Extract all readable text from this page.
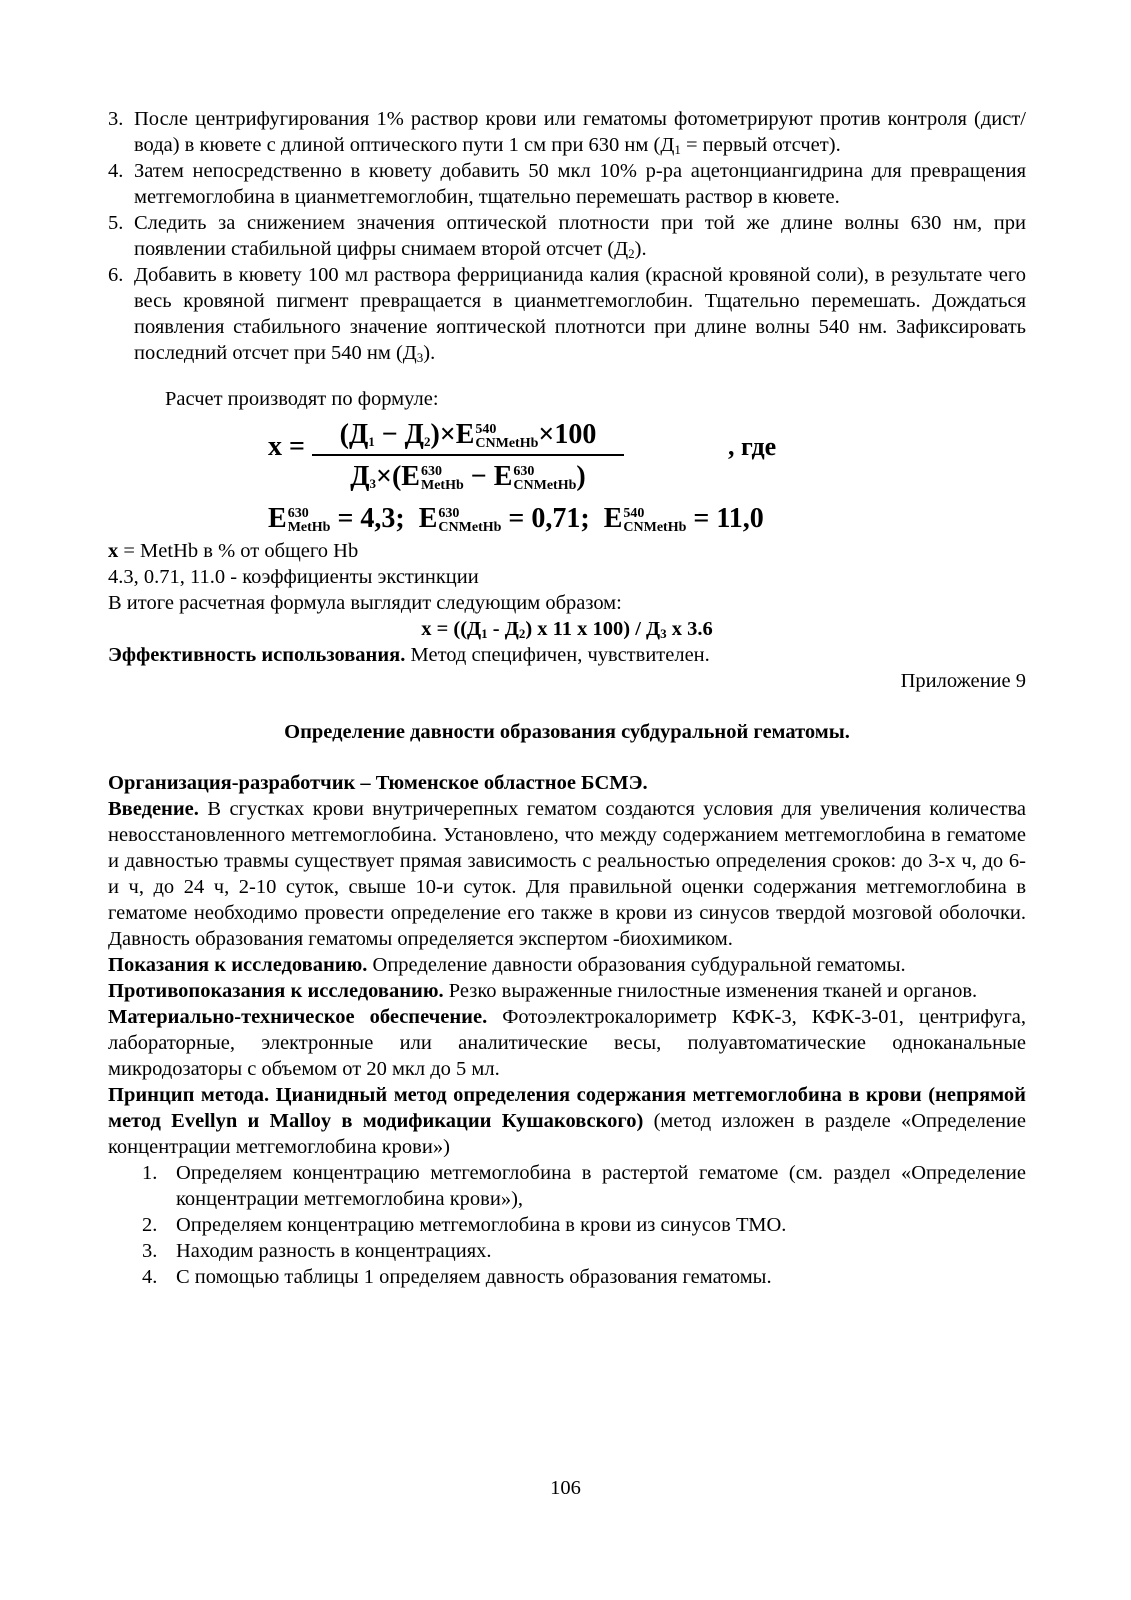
3. После центрифугирования 1% раствор крови или гематомы фотометрируют против контроля (дист/вода) в кювете с длиной оптического пути 1 см при 630 нм ($Д_1$ = первый отсчет).
4. Затем непосредственно в кювету добавить 50 мкл 10% р-ра ацетонциангидрина для превращения метгемоглобина в цианметгемоглобин, тщательно перемешать раствор в кювете.
5. Следить за снижением значения оптической плотности при той же длине волны 630 нм, при появлении стабильной цифры снимаем второй отсчет $(Д_2)$.
6. Добавить в кювету 100 мл раствора феррицианида калия (красной кровяной соли), в результате чего весь кровяной пигмент превращается в цианметгемоглобин. Тщательно перемешать. Дождаться появления стабильного значение яоптической плотнотси при длине волны 540 нм. Зафиксировать последний отсчет при 540 нм $(Д_3)$.

Расчет производят по формуле:

x =	$(Д_1 - Д_2)\times E$ 540
CNMetHb ×100
$Д_3\times(E$ 630
MetHb − E 630
CNMetHb )
, где
E 630
MetHb = 4,3; E 630
CNMetHb = 0,71; E 540
CNMetHb = 11,0

x = MetHb в % от общего Hb

4.3, 0.71, 11.0 - коэффициенты экстинкции

В итоге расчетная формула выглядит следующим образом:

$x = ((Д_1 - Д_2)$ x 11 x $100) / Д_3$ x 3.6

Эффективность использования. Метод специфичен, чувствителен.

Приложение 9

Определение давности образования субдуральной гематомы.

Организация-разработчик – Тюменское областное БСМЭ.

Введение. В сгустках крови внутричерепных гематом создаются условия для увеличения количества невосстановленного метгемоглобина. Установлено, что между содержанием метгемоглобина в гематоме и давностью травмы существует прямая зависимость с реальностью определения сроков: до 3-х ч, до 6-и ч, до 24 ч, 2-10 суток, свыше 10-и суток. Для правильной оценки содержания метгемоглобина в гематоме необходимо провести определение его также в крови из синусов твердой мозговой оболочки. Давность образования гематомы определяется экспертом -биохимиком.

Показания к исследованию. Определение давности образования субдуральной гематомы.

Противопоказания к исследованию. Резко выраженные гнилостные изменения тканей и органов.

Материально-техническое обеспечение. Фотоэлектрокалориметр КФК-3, КФК-3-01, центрифуга, лабораторные, электронные или аналитические весы, полуавтоматические одноканальные микродозаторы с объемом от 20 мкл до 5 мл.

Принцип метода. Цианидный метод определения содержания метгемоглобина в крови (непрямой метод Evellyn и Malloy в модификации Кушаковского) (метод изложен в разделе «Определение концентрации метгемоглобина крови»)

1. Определяем концентрацию метгемоглобина в растертой гематоме (см. раздел «Определение концентрации метгемоглобина крови»),
2. Определяем концентрацию метгемоглобина в крови из синусов ТМО.
3. Находим разность в концентрациях.
4. С помощью таблицы 1 определяем давность образования гематомы.
106
